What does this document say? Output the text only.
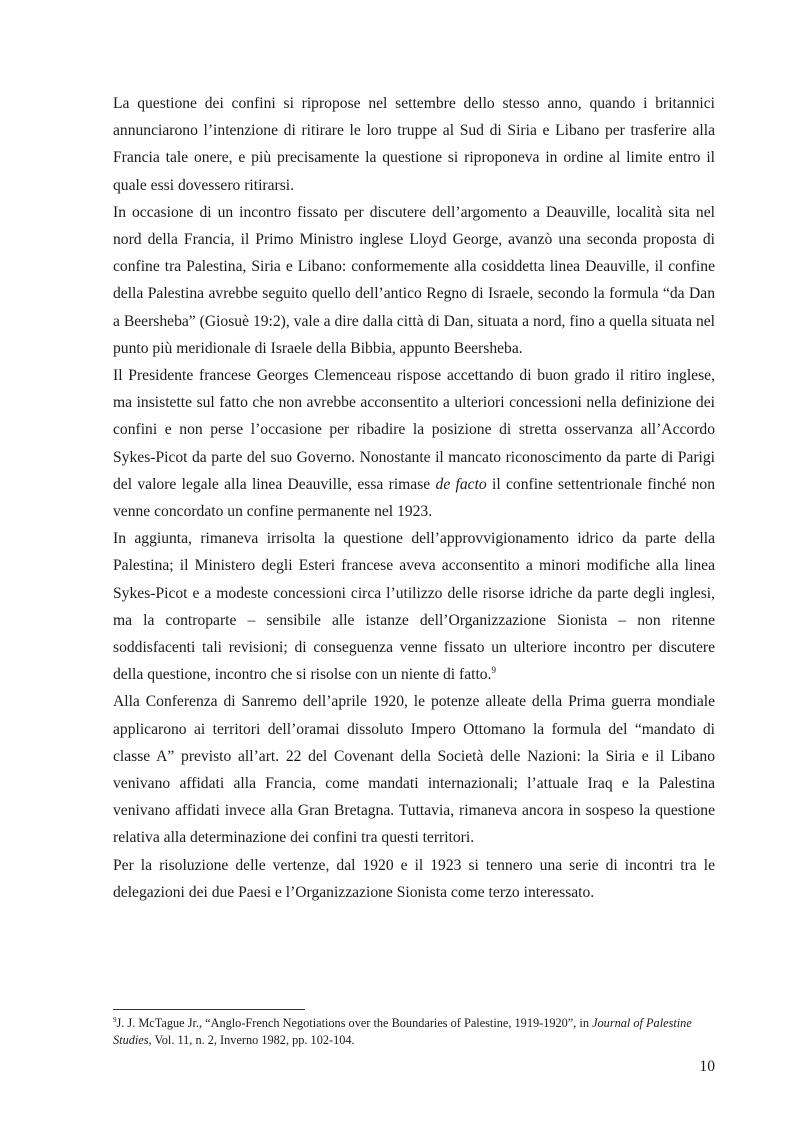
La questione dei confini si ripropose nel settembre dello stesso anno, quando i britannici annunciarono l’intenzione di ritirare le loro truppe al Sud di Siria e Libano per trasferire alla Francia tale onere, e più precisamente la questione si riproponeva in ordine al limite entro il quale essi dovessero ritirarsi.

In occasione di un incontro fissato per discutere dell’argomento a Deauville, località sita nel nord della Francia, il Primo Ministro inglese Lloyd George, avanzò una seconda proposta di confine tra Palestina, Siria e Libano: conformemente alla cosiddetta linea Deauville, il confine della Palestina avrebbe seguito quello dell’antico Regno di Israele, secondo la formula “da Dan a Beersheba” (Giosuè 19:2), vale a dire dalla città di Dan, situata a nord, fino a quella situata nel punto più meridionale di Israele della Bibbia, appunto Beersheba.

Il Presidente francese Georges Clemenceau rispose accettando di buon grado il ritiro inglese, ma insistette sul fatto che non avrebbe acconsentito a ulteriori concessioni nella definizione dei confini e non perse l’occasione per ribadire la posizione di stretta osservanza all’Accordo Sykes-Picot da parte del suo Governo. Nonostante il mancato riconoscimento da parte di Parigi del valore legale alla linea Deauville, essa rimase de facto il confine settentrionale finché non venne concordato un confine permanente nel 1923.

In aggiunta, rimaneva irrisolta la questione dell’approvvigionamento idrico da parte della Palestina; il Ministero degli Esteri francese aveva acconsentito a minori modifiche alla linea Sykes-Picot e a modeste concessioni circa l’utilizzo delle risorse idriche da parte degli inglesi, ma la controparte – sensibile alle istanze dell’Organizzazione Sionista – non ritenne soddisfacenti tali revisioni; di conseguenza venne fissato un ulteriore incontro per discutere della questione, incontro che si risolse con un niente di fatto.$^9$

Alla Conferenza di Sanremo dell’aprile 1920, le potenze alleate della Prima guerra mondiale applicarono ai territori dell’oramai dissoluto Impero Ottomano la formula del “mandato di classe A” previsto all’art. 22 del Covenant della Società delle Nazioni: la Siria e il Libano venivano affidati alla Francia, come mandati internazionali; l’attuale Iraq e la Palestina venivano affidati invece alla Gran Bretagna. Tuttavia, rimaneva ancora in sospeso la questione relativa alla determinazione dei confini tra questi territori.

Per la risoluzione delle vertenze, dal 1920 e il 1923 si tennero una serie di incontri tra le delegazioni dei due Paesi e l’Organizzazione Sionista come terzo interessato.

$^9$J. J. McTague Jr., “Anglo-French Negotiations over the Boundaries of Palestine, 1919-1920”, in Journal of Palestine Studies, Vol. 11, n. 2, Inverno 1982, pp. 102-104.
10
